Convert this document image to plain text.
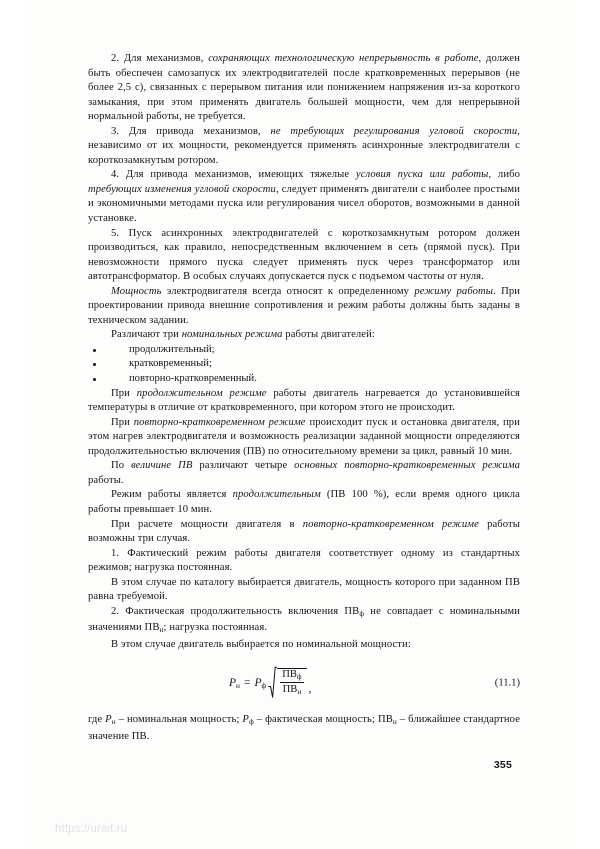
2. Для механизмов, сохраняющих технологическую непрерывность в работе, должен быть обеспечен самозапуск их электродвигателей после кратковременных перерывов (не более 2,5 с), связанных с перерывом питания или понижением напряжения из-за короткого замыкания, при этом применять двигатель большей мощности, чем для непрерывной нормальной работы, не требуется.

3. Для привода механизмов, не требующих регулирования угловой скорости, независимо от их мощности, рекомендуется применять асинхронные электродвигатели с короткозамкнутым ротором.

4. Для привода механизмов, имеющих тяжелые условия пуска или работы, либо требующих изменения угловой скорости, следует применять двигатели с наиболее простыми и экономичными методами пуска или регулирования чисел оборотов, возможными в данной установке.

5. Пуск асинхронных электродвигателей с короткозамкнутым ротором должен производиться, как правило, непосредственным включением в сеть (прямой пуск). При невозможности прямого пуска следует применять пуск через трансформатор или автотрансформатор. В особых случаях допускается пуск с подъемом частоты от нуля.

Мощность электродвигателя всегда относят к определенному режиму работы. При проектировании привода внешние сопротивления и режим работы должны быть заданы в техническом задании.

Различают три номинальных режима работы двигателей:

продолжительный;
кратковременный;
повторно-кратковременный.

При продолжительном режиме работы двигатель нагревается до установившейся температуры в отличие от кратковременного, при котором этого не происходит.

При повторно-кратковременном режиме происходит пуск и остановка двигателя, при этом нагрев электродвигателя и возможность реализации заданной мощности определяются продолжительностью включения (ПВ) по относительному времени за цикл, равный 10 мин.

По величине ПВ различают четыре основных повторно-кратковременных режима работы.

Режим работы является продолжительным (ПВ 100 %), если время одного цикла работы превышает 10 мин.

При расчете мощности двигателя в повторно-кратковременном режиме работы возможны три случая.

1. Фактический режим работы двигателя соответствует одному из стандартных режимов; нагрузка постоянная.

В этом случае по каталогу выбирается двигатель, мощность которого при заданном ПВ равна требуемой.

2. Фактическая продолжительность включения $ПВ_ф$ не совпадает с номинальными значениями $ПВ_н$; нагрузка постоянная.

В этом случае двигатель выбирается по номинальной мощности:

$P_н = P_ф \frac{ПВ_ф}{ПВ_н}$ ,	(11.1)

где $P_н$ – номинальная мощность; $P_ф$ – фактическая мощность; $ПВ_н$ – ближайшее стандартное значение ПВ.

355
https://urait.ru
